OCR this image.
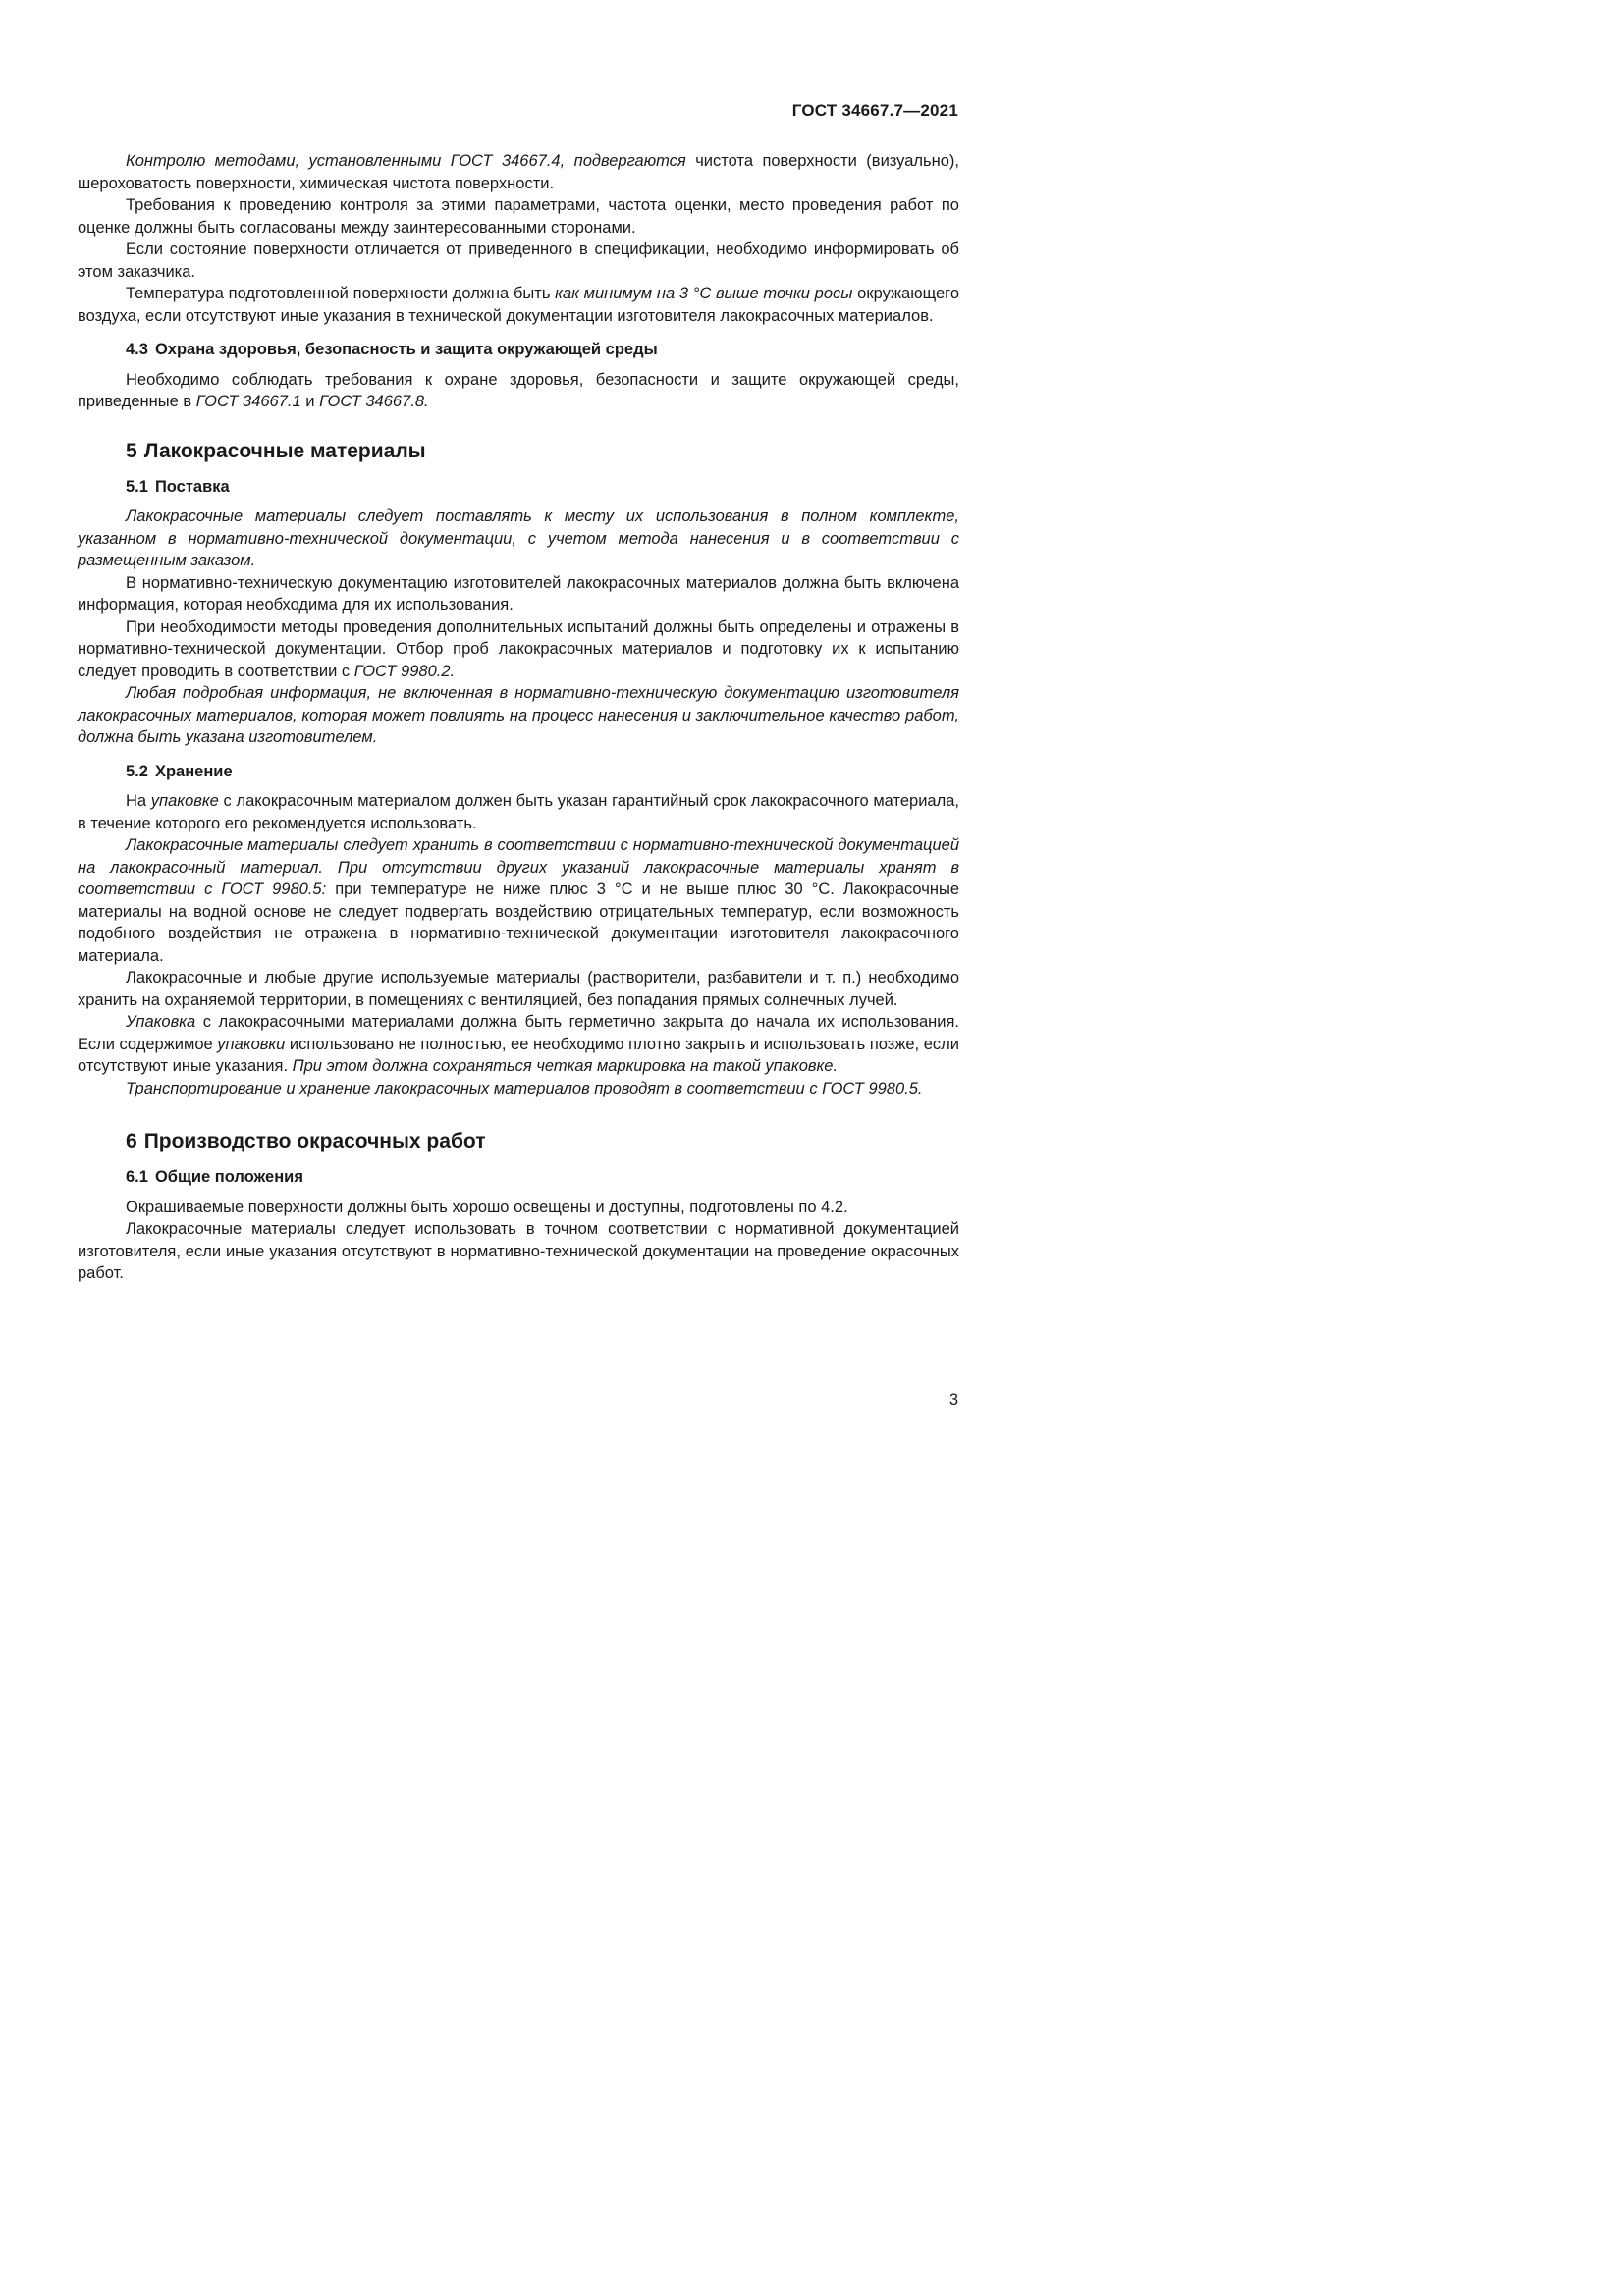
ГОСТ 34667.7—2021

Контролю методами, установленными ГОСТ 34667.4, подвергаются чистота поверхности (визуально), шероховатость поверхности, химическая чистота поверхности.

Требования к проведению контроля за этими параметрами, частота оценки, место проведения работ по оценке должны быть согласованы между заинтересованными сторонами.

Если состояние поверхности отличается от приведенного в спецификации, необходимо информировать об этом заказчика.

Температура подготовленной поверхности должна быть как минимум на 3 °С выше точки росы окружающего воздуха, если отсутствуют иные указания в технической документации изготовителя лакокрасочных материалов.

4.3 Охрана здоровья, безопасность и защита окружающей среды

Необходимо соблюдать требования к охране здоровья, безопасности и защите окружающей среды, приведенные в ГОСТ 34667.1 и ГОСТ 34667.8.

5 Лакокрасочные материалы
5.1 Поставка

Лакокрасочные материалы следует поставлять к месту их использования в полном комплекте, указанном в нормативно-технической документации, с учетом метода нанесения и в соответствии с размещенным заказом.

В нормативно-техническую документацию изготовителей лакокрасочных материалов должна быть включена информация, которая необходима для их использования.

При необходимости методы проведения дополнительных испытаний должны быть определены и отражены в нормативно-технической документации. Отбор проб лакокрасочных материалов и подготовку их к испытанию следует проводить в соответствии с ГОСТ 9980.2.

Любая подробная информация, не включенная в нормативно-техническую документацию изготовителя лакокрасочных материалов, которая может повлиять на процесс нанесения и заключительное качество работ, должна быть указана изготовителем.

5.2 Хранение

На упаковке с лакокрасочным материалом должен быть указан гарантийный срок лакокрасочного материала, в течение которого его рекомендуется использовать.

Лакокрасочные материалы следует хранить в соответствии с нормативно-технической документацией на лакокрасочный материал. При отсутствии других указаний лакокрасочные материалы хранят в соответствии с ГОСТ 9980.5: при температуре не ниже плюс 3 °С и не выше плюс 30 °С. Лакокрасочные материалы на водной основе не следует подвергать воздействию отрицательных температур, если возможность подобного воздействия не отражена в нормативно-технической документации изготовителя лакокрасочного материала.

Лакокрасочные и любые другие используемые материалы (растворители, разбавители и т. п.) необходимо хранить на охраняемой территории, в помещениях с вентиляцией, без попадания прямых солнечных лучей.

Упаковка с лакокрасочными материалами должна быть герметично закрыта до начала их использования. Если содержимое упаковки использовано не полностью, ее необходимо плотно закрыть и использовать позже, если отсутствуют иные указания. При этом должна сохраняться четкая маркировка на такой упаковке.

Транспортирование и хранение лакокрасочных материалов проводят в соответствии с ГОСТ 9980.5.

6 Производство окрасочных работ
6.1 Общие положения

Окрашиваемые поверхности должны быть хорошо освещены и доступны, подготовлены по 4.2.

Лакокрасочные материалы следует использовать в точном соответствии с нормативной документацией изготовителя, если иные указания отсутствуют в нормативно-технической документации на проведение окрасочных работ.

3
